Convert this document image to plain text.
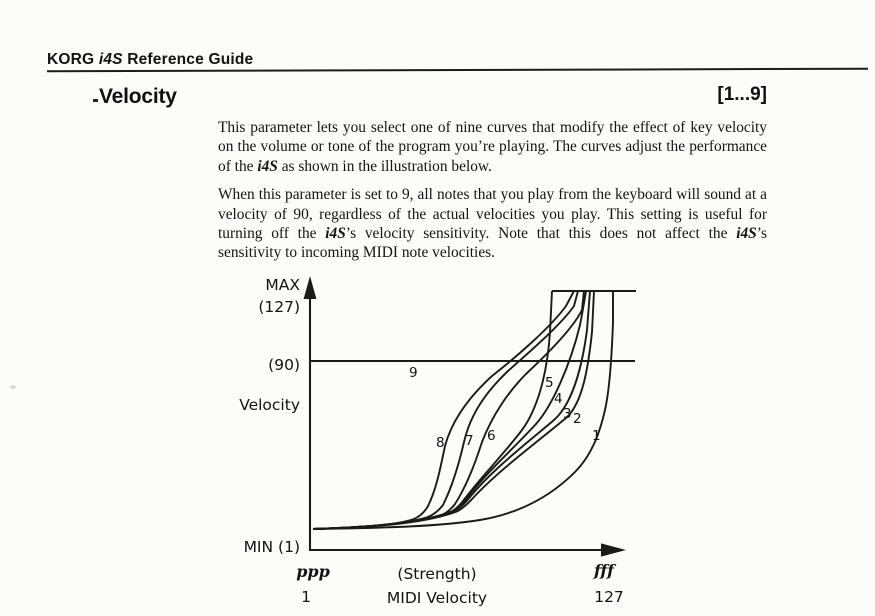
KORG i4S Reference Guide
Velocity	[1...9]

This parameter lets you select one of nine curves that modify the effect of key velocity on the volume or tone of the program you’re playing. The curves adjust the performance of the i4S as shown in the illustration below.

When this parameter is set to 9, all notes that you play from the keyboard will sound at a velocity of 90, regardless of the actual velocities you play. This setting is useful for turning off the i4S’s velocity sensitivity. Note that this does not affect the i4S’s sensitivity to incoming MIDI note velocities.

9
8 7 6
5
4
3 2
1
MAX
(127)
(90)
Velocity
MIN (1)
ppp	(Strength)	fff
1	MIDI Velocity	127
